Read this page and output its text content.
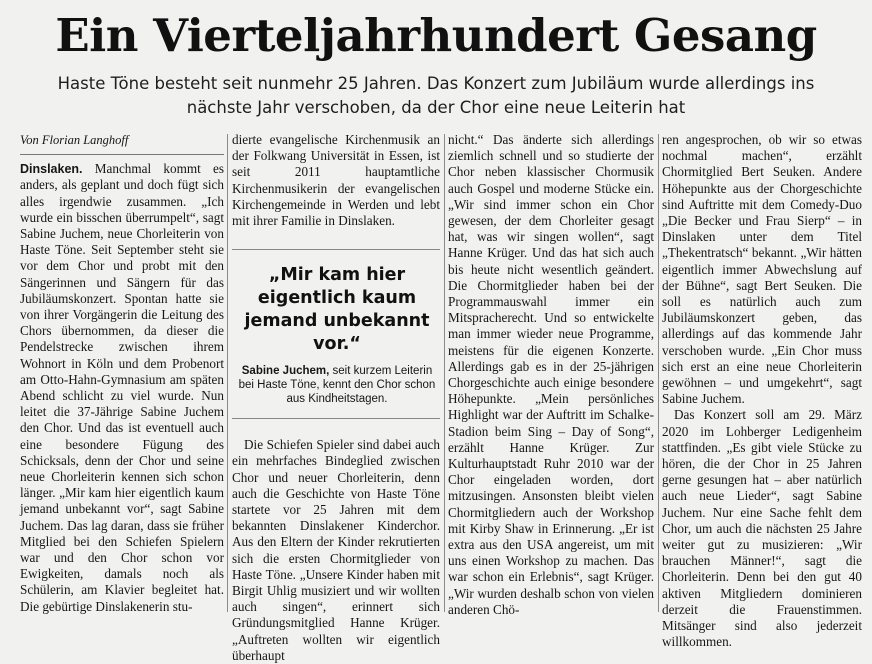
Ein Vierteljahrhundert Gesang
Haste Töne besteht seit nunmehr 25 Jahren. Das Konzert zum Jubiläum wurde allerdings ins nächste Jahr verschoben, da der Chor eine neue Leiterin hat
Von Florian Langhoff

Dinslaken. Manchmal kommt es anders, als geplant und doch fügt sich alles irgendwie zusammen. „Ich wurde ein bisschen überrumpelt“, sagt Sabine Juchem, neue Chorleiterin von Haste Töne. Seit September steht sie vor dem Chor und probt mit den Sängerinnen und Sängern für das Jubiläumskonzert. Spontan hatte sie von ihrer Vorgängerin die Leitung des Chors übernommen, da dieser die Pendelstrecke zwischen ihrem Wohnort in Köln und dem Probenort am Otto-Hahn-Gymnasium am späten Abend schlicht zu viel wurde. Nun leitet die 37-Jährige Sabine Juchem den Chor. Und das ist eventuell auch eine besondere Fügung des Schicksals, denn der Chor und seine neue Chorleiterin kennen sich schon länger. „Mir kam hier eigentlich kaum jemand unbekannt vor“, sagt Sabine Juchem. Das lag daran, dass sie früher Mitglied bei den Schiefen Spielern war und den Chor schon vor Ewigkeiten, damals noch als Schülerin, am Klavier begleitet hat. Die gebürtige Dinslakenerin stu-

dierte evangelische Kirchenmusik an der Folkwang Universität in Essen, ist seit 2011 hauptamtliche Kirchenmusikerin der evangelischen Kirchengemeinde in Werden und lebt mit ihrer Familie in Dinslaken.

„Mir kam hier eigentlich kaum jemand unbekannt vor.“
Sabine Juchem, seit kurzem Leiterin bei Haste Töne, kennt den Chor schon aus Kindheitstagen.

Die Schiefen Spieler sind dabei auch ein mehrfaches Bindeglied zwischen Chor und neuer Chorleiterin, denn auch die Geschichte von Haste Töne startete vor 25 Jahren mit dem bekannten Dinslakener Kinderchor. Aus den Eltern der Kinder rekrutierten sich die ersten Chormitglieder von Haste Töne. „Unsere Kinder haben mit Birgit Uhlig musiziert und wir wollten auch singen“, erinnert sich Gründungsmitglied Hanne Krüger. „Auftreten wollten wir eigentlich überhaupt

nicht.“ Das änderte sich allerdings ziemlich schnell und so studierte der Chor neben klassischer Chormusik auch Gospel und moderne Stücke ein. „Wir sind immer schon ein Chor gewesen, der dem Chorleiter gesagt hat, was wir singen wollen“, sagt Hanne Krüger. Und das hat sich auch bis heute nicht wesentlich geändert. Die Chormitglieder haben bei der Programmauswahl immer ein Mitspracherecht. Und so entwickelte man immer wieder neue Programme, meistens für die eigenen Konzerte. Allerdings gab es in der 25-jährigen Chorgeschichte auch einige besondere Höhepunkte. „Mein persönliches Highlight war der Auftritt im Schalke-Stadion beim Sing – Day of Song“, erzählt Hanne Krüger. Zur Kulturhauptstadt Ruhr 2010 war der Chor eingeladen worden, dort mitzusingen. Ansonsten bleibt vielen Chormitgliedern auch der Workshop mit Kirby Shaw in Erinnerung. „Er ist extra aus den USA angereist, um mit uns einen Workshop zu machen. Das war schon ein Erlebnis“, sagt Krüger. „Wir wurden deshalb schon von vielen anderen Chö-

ren angesprochen, ob wir so etwas nochmal machen“, erzählt Chormitglied Bert Seuken. Andere Höhepunkte aus der Chorgeschichte sind Auftritte mit dem Comedy-Duo „Die Becker und Frau Sierp“ – in Dinslaken unter dem Titel „Thekentratsch“ bekannt. „Wir hätten eigentlich immer Abwechslung auf der Bühne“, sagt Bert Seuken. Die soll es natürlich auch zum Jubiläumskonzert geben, das allerdings auf das kommende Jahr verschoben wurde. „Ein Chor muss sich erst an eine neue Chorleiterin gewöhnen – und umgekehrt“, sagt Sabine Juchem.

Das Konzert soll am 29. März 2020 im Lohberger Ledigenheim stattfinden. „Es gibt viele Stücke zu hören, die der Chor in 25 Jahren gerne gesungen hat – aber natürlich auch neue Lieder“, sagt Sabine Juchem. Nur eine Sache fehlt dem Chor, um auch die nächsten 25 Jahre weiter gut zu musizieren: „Wir brauchen Männer!“, sagt die Chorleiterin. Denn bei den gut 40 aktiven Mitgliedern dominieren derzeit die Frauenstimmen. Mitsänger sind also jederzeit willkommen.
